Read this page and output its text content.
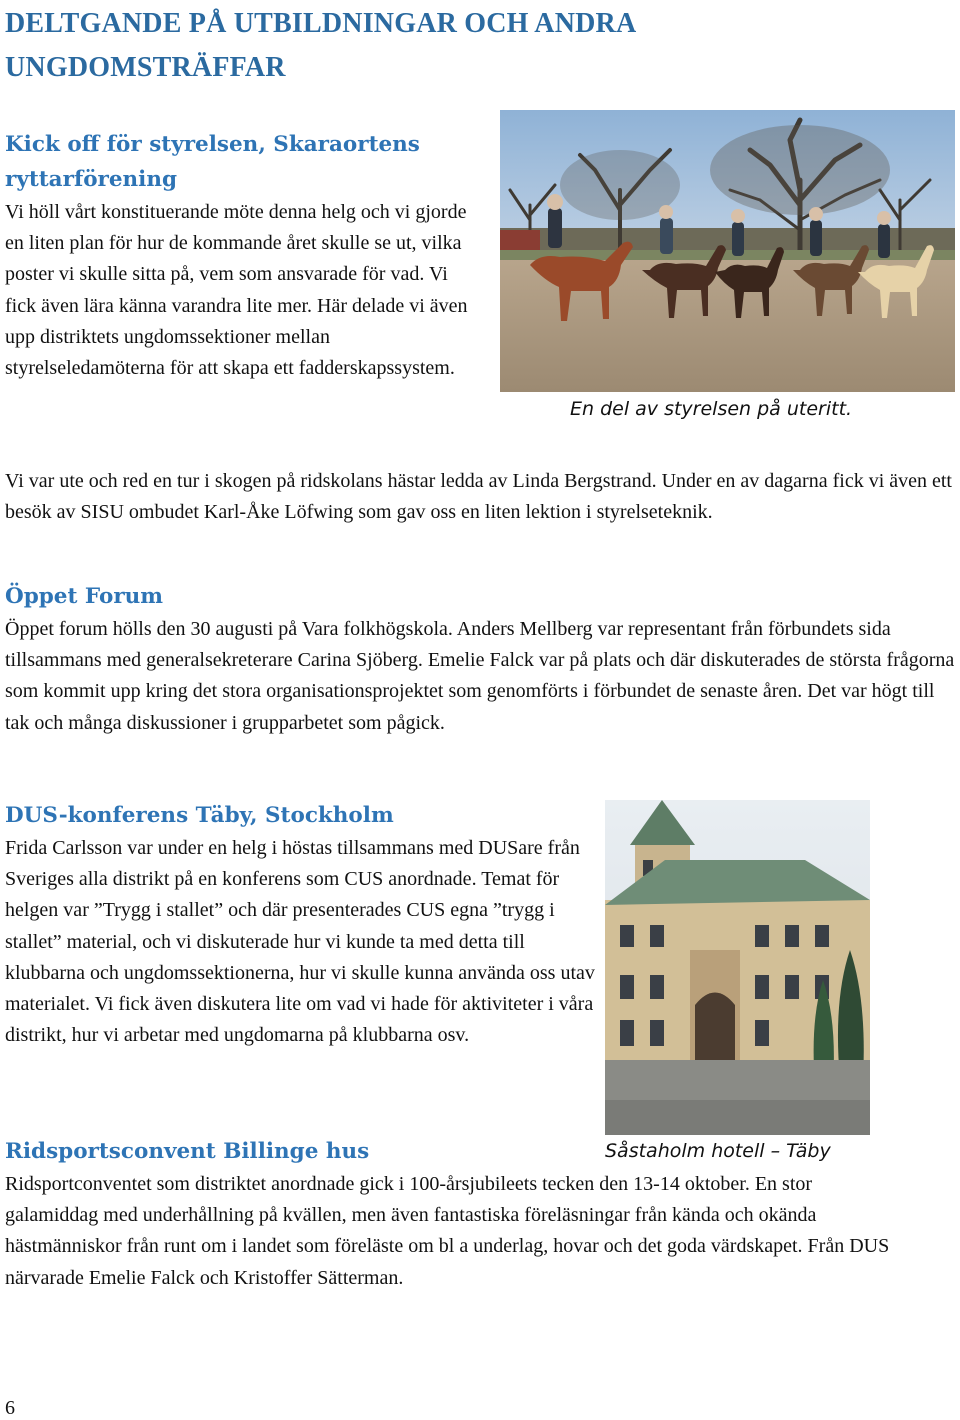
DELTGANDE PÅ UTBILDNINGAR OCH ANDRA UNGDOMSTRÄFFAR
Kick off för styrelsen, Skaraortens ryttarförening

Vi höll vårt konstituerande möte denna helg och vi gjorde en liten plan för hur de kommande året skulle se ut, vilka poster vi skulle sitta på, vem som ansvarade för vad. Vi fick även lära känna varandra lite mer. Här delade vi även upp distriktets ungdomssektioner mellan styrelseledamöterna för att skapa ett fadderskapssystem.

En del av styrelsen på uteritt.

Vi var ute och red en tur i skogen på ridskolans hästar ledda av Linda Bergstrand. Under en av dagarna fick vi även ett besök av SISU ombudet Karl-Åke Löfwing som gav oss en liten lektion i styrelseteknik.

Öppet Forum

Öppet forum hölls den 30 augusti på Vara folkhögskola. Anders Mellberg var representant från förbundets sida tillsammans med generalsekreterare Carina Sjöberg. Emelie Falck var på plats och där diskuterades de största frågorna som kommit upp kring det stora organisationsprojektet som genomförts i förbundet de senaste åren. Det var högt till tak och många diskussioner i grupparbetet som pågick.

DUS-konferens Täby, Stockholm

Frida Carlsson var under en helg i höstas tillsammans med DUSare från Sveriges alla distrikt på en konferens som CUS anordnade. Temat för helgen var ”Trygg i stallet” och där presenterades CUS egna ”trygg i stallet” material, och vi diskuterade hur vi kunde ta med detta till klubbarna och ungdomssektionerna, hur vi skulle kunna använda oss utav materialet. Vi fick även diskutera lite om vad vi hade för aktiviteter i våra distrikt, hur vi arbetar med ungdomarna på klubbarna osv.

Ridsportsconvent Billinge hus	Såstaholm hotell – Täby

Ridsportconventet som distriktet anordnade gick i 100-årsjubileets tecken den 13-14 oktober. En stor galamiddag med underhållning på kvällen, men även fantastiska föreläsningar från kända och okända hästmänniskor från runt om i landet som föreläste om bl a underlag, hovar och det goda värdskapet. Från DUS närvarade Emelie Falck och Kristoffer Sätterman.

6
